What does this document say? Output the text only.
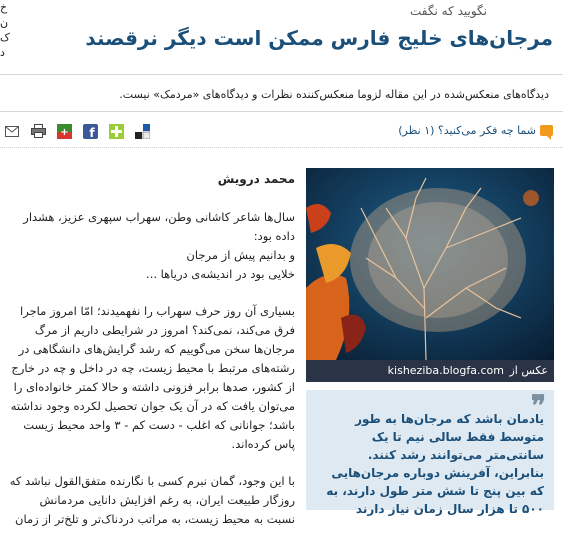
خ
ن
ک
د
نگویید که نگفت
مرجان‌های خلیج فارس ممکن است دیگر نرقصند
دیدگاه‌های منعکس‌شده در این مقاله لزوما منعکس‌کننده نظرات و دیدگاه‌های «مردمک» نیست.
+ f	شما چه فکر می‌کنید؟ (۱ نظر)
عکس از kisheziba.blogfa.com
❞
یادمان باشد که مرجان‌ها به طور متوسط فقط سالی نیم تا یک سانتی‌متر می‌توانند رشد کنند. بنابراین، آفرینش دوباره مرجان‌هایی که بین پنج تا شش متر طول دارند، به ۵۰۰ تا هزار سال زمان نیاز دارند
محمد درویش

سال‌ها شاعر کاشانی وطن، سهراب سپهری عزیز، هشدار داده بود:

و بدانیم پیش از مرجان

خلایی بود در اندیشه‌ی دریاها ...

بسیاری آن روز حرف سهراب را نفهمیدند؛ امّا امروز ماجرا فرق می‌کند، نمی‌کند؟ امروز در شرایطی داریم از مرگ مرجان‌ها سخن می‌گوییم که رشد گرایش‌های دانشگاهی در رشته‌های مرتبط با محیط زیست، چه در داخل و چه در خارج از کشور، صدها برابر فزونی داشته و حالا کمتر خانواده‌ای را می‌توان یافت که در آن یک جوان تحصیل لکرده وجود نداشته باشد؛ جوانانی که اغلب - دست کم - ۳ واحد محیط زیست پاس کرده‌اند.

با این وجود، گمان نبرم کسی با نگارنده متفق‌القول نباشد که روزگار طبیعت ایران، به رغم افزایش دانایی مردمانش نسبت به محیط زیست، به مراتب دردناک‌تر و تلخ‌تر از زمان
